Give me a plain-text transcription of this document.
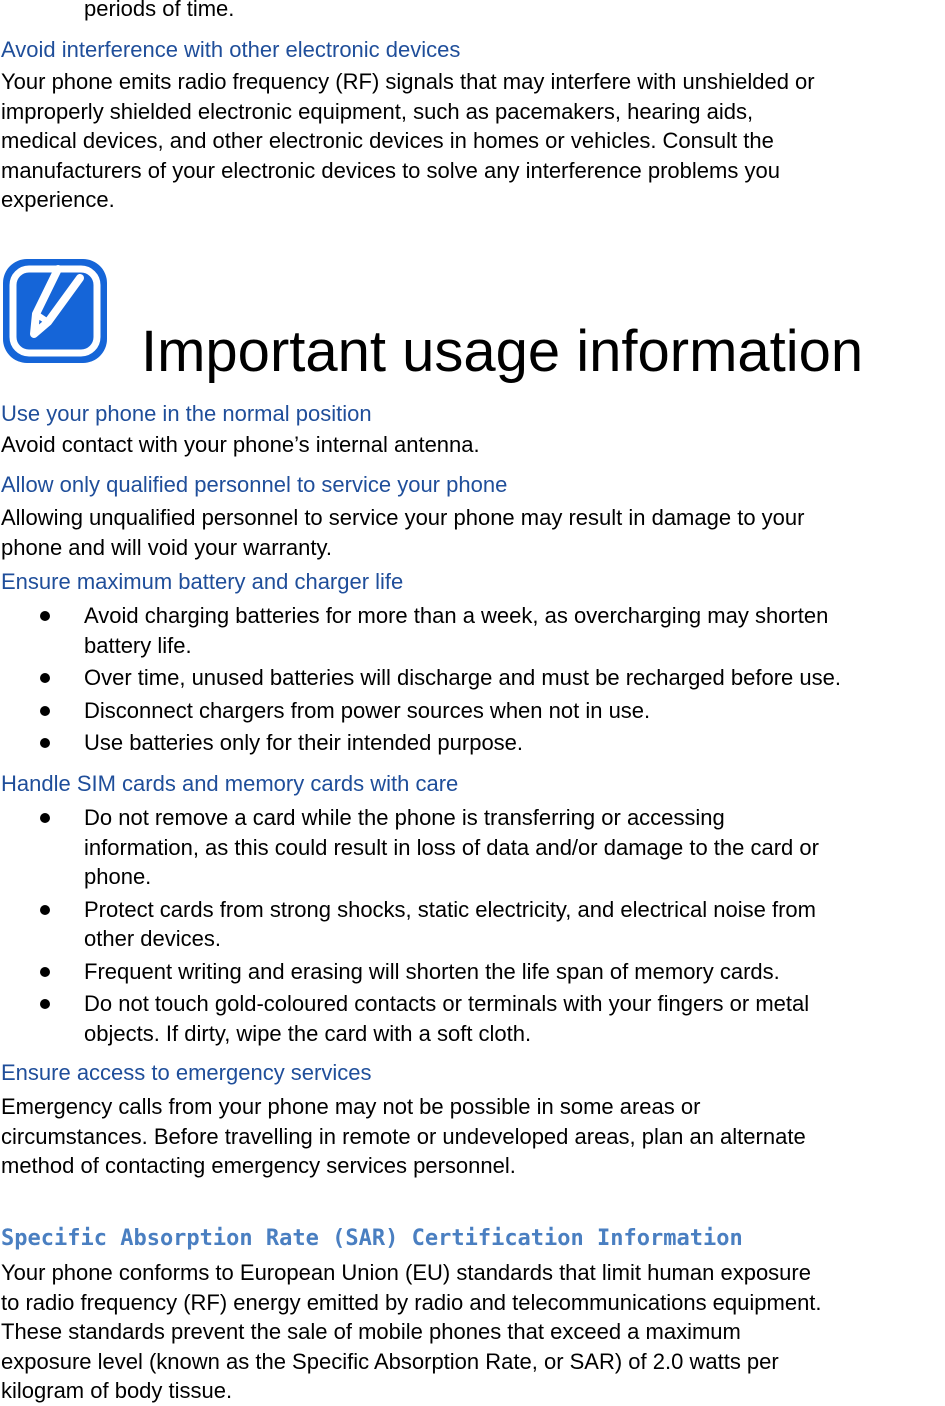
periods of time.

Avoid interference with other electronic devices

Your phone emits radio frequency (RF) signals that may interfere with unshielded or
improperly shielded electronic equipment, such as pacemakers, hearing aids,
medical devices, and other electronic devices in homes or vehicles. Consult the
manufacturers of your electronic devices to solve any interference problems you
experience.

Important usage information

Use your phone in the normal position

Avoid contact with your phone’s internal antenna.

Allow only qualified personnel to service your phone

Allowing unqualified personnel to service your phone may result in damage to your
phone and will void your warranty.

Ensure maximum battery and charger life

Avoid charging batteries for more than a week, as overcharging may shorten
battery life.
Over time, unused batteries will discharge and must be recharged before use.
Disconnect chargers from power sources when not in use.
Use batteries only for their intended purpose.

Handle SIM cards and memory cards with care

Do not remove a card while the phone is transferring or accessing
information, as this could result in loss of data and/or damage to the card or
phone.
Protect cards from strong shocks, static electricity, and electrical noise from
other devices.
Frequent writing and erasing will shorten the life span of memory cards.
Do not touch gold-coloured contacts or terminals with your fingers or metal
objects. If dirty, wipe the card with a soft cloth.

Ensure access to emergency services

Emergency calls from your phone may not be possible in some areas or
circumstances. Before travelling in remote or undeveloped areas, plan an alternate
method of contacting emergency services personnel.

Specific Absorption Rate (SAR) Certification Information

Your phone conforms to European Union (EU) standards that limit human exposure
to radio frequency (RF) energy emitted by radio and telecommunications equipment.
These standards prevent the sale of mobile phones that exceed a maximum
exposure level (known as the Specific Absorption Rate, or SAR) of 2.0 watts per
kilogram of body tissue.
